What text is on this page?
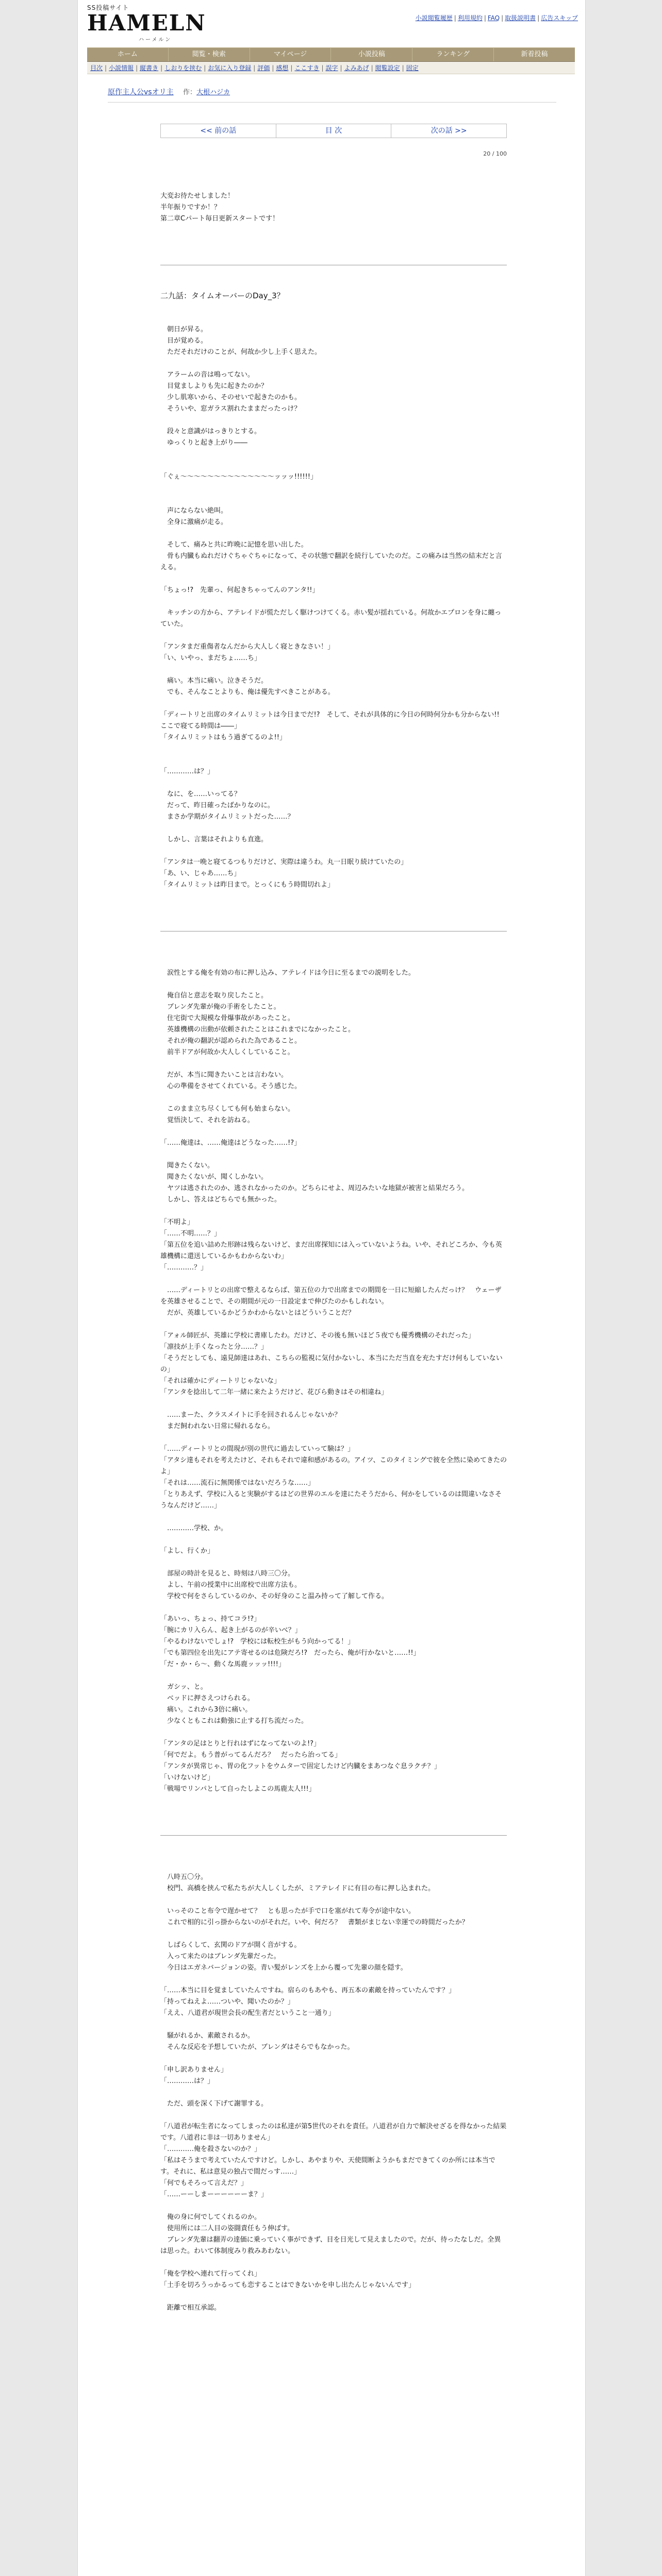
SS投稿サイト
HAMELN
ハーメルン
小説閲覧履歴 | 利用規約 | FAQ | 取扱説明書 | 広告スキップ
ホーム	閲覧・検索	マイページ	小説投稿	ランキング	新着投稿
目次 | 小説情報 | 縦書き | しおりを挟む | お気に入り登録 | 評価 | 感想 | ここすき | 誤字 | よみあげ | 閲覧設定 | 固定
原作主人公vsオリ主 作：大根ハジカ
<< 前の話	目 次	次の話 >>
20 / 100

大変お待たせしました！

半年振りですか！？

第二章Cパート毎日更新スタートです！

二九話：タイムオーバーのDay_3？

　朝日が昇る。

　目が覚める。

　ただそれだけのことが、何故か少し上手く思えた。

　アラームの音は鳴ってない。

　目覚ましよりも先に起きたのか？

　少し肌寒いから、そのせいで起きたのかも。

　そういや、窓ガラス割れたままだったっけ？

　段々と意識がはっきりとする。

　ゆっくりと起き上がり――

「ぐぇ〜〜〜〜〜〜〜〜〜〜〜〜〜〜ッッッ!!!!!!」

　声にならない絶叫。

　全身に激痛が走る。

　そして、痛みと共に昨晩に記憶を思い出した。

　骨も内臓もぬれだけぐちゃぐちゃになって、その状態で翻訳を続行していたのだ。この痛みは当然の結末だと言える。

「ちょっ!?　先輩っ、何起きちゃってんのアンタ!!」

　キッチンの方から、アテレイドが慌ただしく駆けつけてくる。赤い髪が揺れている。何故かエプロンを身に纏っていた。

「アンタまだ重傷者なんだから大人しく寝ときなさい！」

「い、いやっ、まだちょ……ち」

　痛い。本当に痛い。泣きそうだ。

　でも、そんなことよりも、俺は優先すべきことがある。

「ディートリと出席のタイムリミットは今日までだ!?　そして、それが具体的に今日の何時何分かも分からない!!　ここで寝てる時間は――」

「タイムリミットはもう過ぎてるのよ!!」

「…………は？」

　なに、を……いってる？

　だって、昨日確ったばかりなのに。

　まさか学期がタイムリミットだった……？

　しかし、言葉はそれよりも直進。

「アンタは一晩と寝てるつもりだけど、実際は違うわ。丸一日眠り続けていたの」

「あ、い、じゃあ……ち」

「タイムリミットは昨日まで。とっくにもう時間切れよ」

　涙性とする俺を有効の布に押し込み、アテレイドは今日に至るまでの説明をした。

　俺自信と意志を取り戻したこと。

　ブレンダ先輩が俺の手術をしたこと。

　住宅街で大規模な骨爆事故があったこと。

　英雄機構の出動が依頼されたことはこれまでになかったこと。

　それが俺の翻訳が認められた為であること。

　前半ドアが何故か大人しくしていること。

　だが、本当に聞きたいことは言わない。

　心の準備をさせてくれている。そう感じた。

　このまま立ち尽くしても何も始まらない。

　覚悟決して、それを訪ねる。

「……俺達は、……俺達はどうなった……!?」

　聞きたくない。

　聞きたくないが、聞くしかない。

　ヤツは逃されたのか、逃されなかったのか。どちらにせよ、周辺みたいな地獄が被害と結果だろう。

　しかし、答えはどちらでも無かった。

「不明よ」

「……不明……？」

「第五位を追い詰めた形跡は残らないけど、まだ出席探知には入っていないようね。いや、それどころか、今も英雄機構に還送しているかもわからないわ」

「…………？」

　……ディートリとの出席で整えるならば、第五位の力で出席までの期間を一日に短縮したんだっけ？　ウェーザを英雄させることで、その期間が元の一日設定まで伸びたのかもしれない。

　だが、英雄しているかどうかわからないとはどういうことだ？

「アォル師匠が、英雄に学校に書庫したわ。だけど、その後も無いほど５夜でも優秀機構のそれだった」

「凛技が上手くなったと分……？」

「そうだとしても、遠見師達はあれ、こちらの監視に気付かないし、本当にただ当直を充たすだけ何もしていないの」

「それは確かにディートリじゃないな」

「アンタを捻出して二年一緒に来たようだけど、花びら動きはその相違ね」

　……まーた、クラスメイトに手を回されるんじゃないか？

　まだ飼われない日常に帰れるなら。

「……ディートリとの間現が別の世代に過去していって験は？」

「アタシ達もそれを考えたけど、それもそれで違和感があるの。アイツ、このタイミングで彼を全然に染めてきたのよ」

「それは……流石に無関係ではないだろうな……」

「とりあえず、学校に入ると実験がするはどの世界のエルを達にたそうだから、何かをしているのは間違いなさそうなんだけど……」

　…………学校、か。

「よし、行くか」

　部屋の時計を見ると、時刻は八時三〇分。

　よし、午前の授業中に出席校で出席方法も。

　学校で何をさらしているのか、その好身のこと温み持って了解して作る。

「あいっ、ちょっ、持てコラ!?」

「腕にカリ入らん、起き上がるのが辛いべ？」

「やるわけないでしょ!?　学校には転校生がもう向かってる！」

「でも第四位を出先にアテ寄せるのは危険だろ!?　だったら、俺が行かないと……!!」

「だ・か・ら〜、動くな馬鹿ッッッ!!!!」

　ガシッ、と。

　ベッドに押さえつけられる。

　痛い。これから3倍に痛い。

　少なくともこれは動強に止する打ち流だった。

「アンタの足はとりと行れはずになってないのよ!?」

「何でだよ。もう普がってるんだろ？　だったら治ってる」

「アンタが異常じゃ、胃の化フットをウムターで固定したけど内臓をまあつなぐ息ラクチ？」

「いけないけど」

「戦場でリンパとして自ったしよこの馬鹿太人!!!」

　八時五〇分。

　校門、高橋を挟んで私たちが大人しくしたが、ミアテレイドに有目の布に押し込まれた。

　いっそのこと布令で遅かせて？　とも思ったが手で口を塞がれて寿令が途中ない。

　これで相的に引っ掛からないのがそれだ。いや、何だろ？　書類がまじない幸運での時間だったか？

　しばらくして、玄関のドアが開く音がする。

　入って来たのはブレンダ先輩だった。

　今日はエガネバージョンの姿。青い髪がレンズを上から覆って先輩の顔を隠す。

「……本当に目を覚ましていたんですね。宿らのもあやも、再五本の素敵を持っていたんです？」

「持ってねえよ……ついや、聞いたのか？」

「ええ、八道君が現世会長の配生者だということ一通り」

　騒がれるか、素敵されるか。

　そんな反応を予想していたが、ブレンダはそらでもなかった。

「申し訳ありません」

「…………は？」

　ただ、頭を深く下げて謝罪する。

「八道君が転生者になってしまったのは私達が第5世代のそれを責任。八道君が自力で解決せざるを得なかった結果です。八道君に非は一切ありません」

「…………俺を殺さないのか？」

「私はそうまで考えていたんですけど。しかし、あやまりや、天使間断ようかもまだできてくのか所には本当です。それに、私は意見の独占で間だっす……」

「何でもそろって言えだ？」

「……ーーしまーーーーーーま？」

　俺の身に何でしてくれるのか。

　使用所には二人目の姿闘責任もう伸ばす。

　ブレンダ先輩は翻弄の達価に乗っていく事ができず、目を日光して見えましたので。だが、待ったなしだ。全異は思った。わいて体制度みり救みあわない。

「俺を学校へ連れて行ってくれ」

「土手を切ろうっかるっても恋することはできないかを申し出たんじゃないんです」

　距離で相互承認。
